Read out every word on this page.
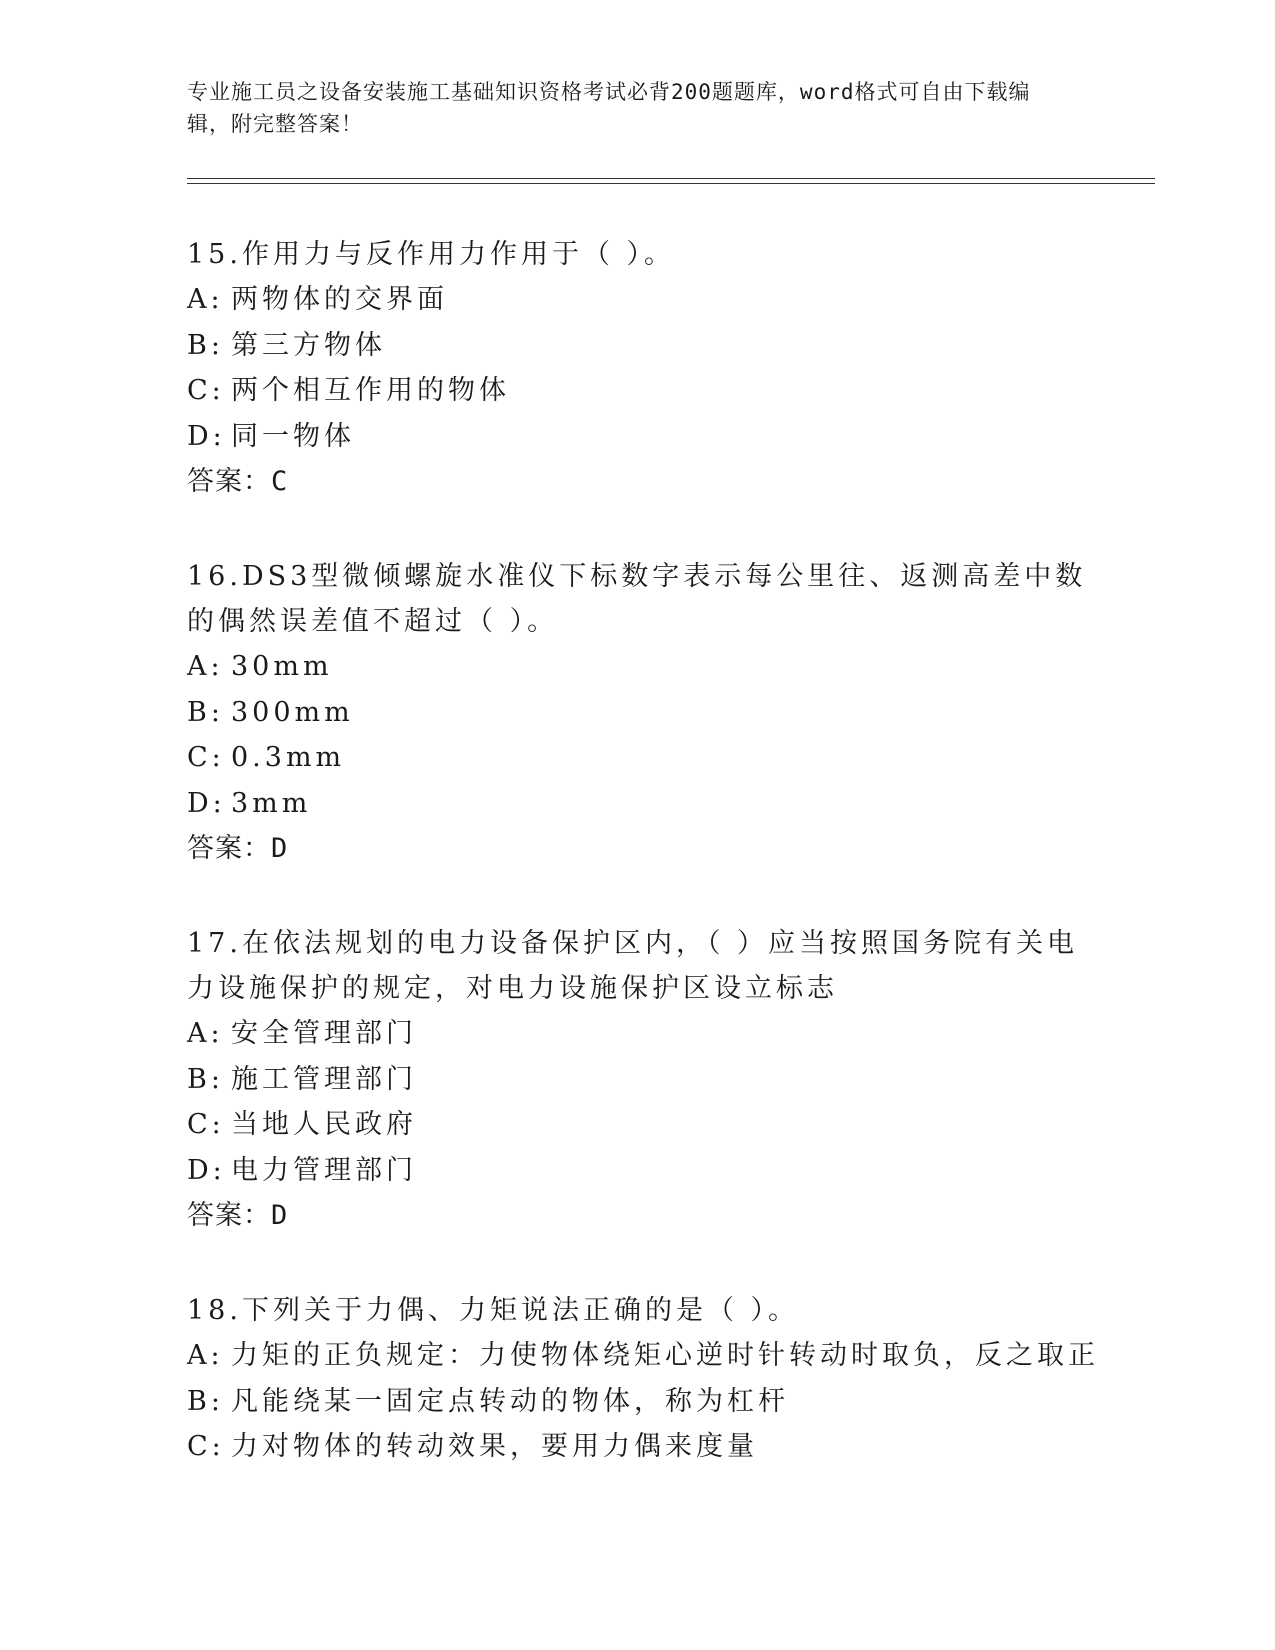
专业施工员之设备安装施工基础知识资格考试必背200题题库，word格式可自由下载编辑，附完整答案！
15.作用力与反作用力作用于（ ）。
A: 两物体的交界面
B: 第三方物体
C: 两个相互作用的物体
D: 同一物体
答案：C
16.DS3型微倾螺旋水准仪下标数字表示每公里往、返测高差中数的偶然误差值不超过（ ）。
A: 30mm
B: 300mm
C: 0.3mm
D: 3mm
答案：D
17.在依法规划的电力设备保护区内，（ ）应当按照国务院有关电力设施保护的规定，对电力设施保护区设立标志
A: 安全管理部门
B: 施工管理部门
C: 当地人民政府
D: 电力管理部门
答案：D
18.下列关于力偶、力矩说法正确的是（ ）。
A: 力矩的正负规定：力使物体绕矩心逆时针转动时取负，反之取正
B: 凡能绕某一固定点转动的物体，称为杠杆
C: 力对物体的转动效果，要用力偶来度量
